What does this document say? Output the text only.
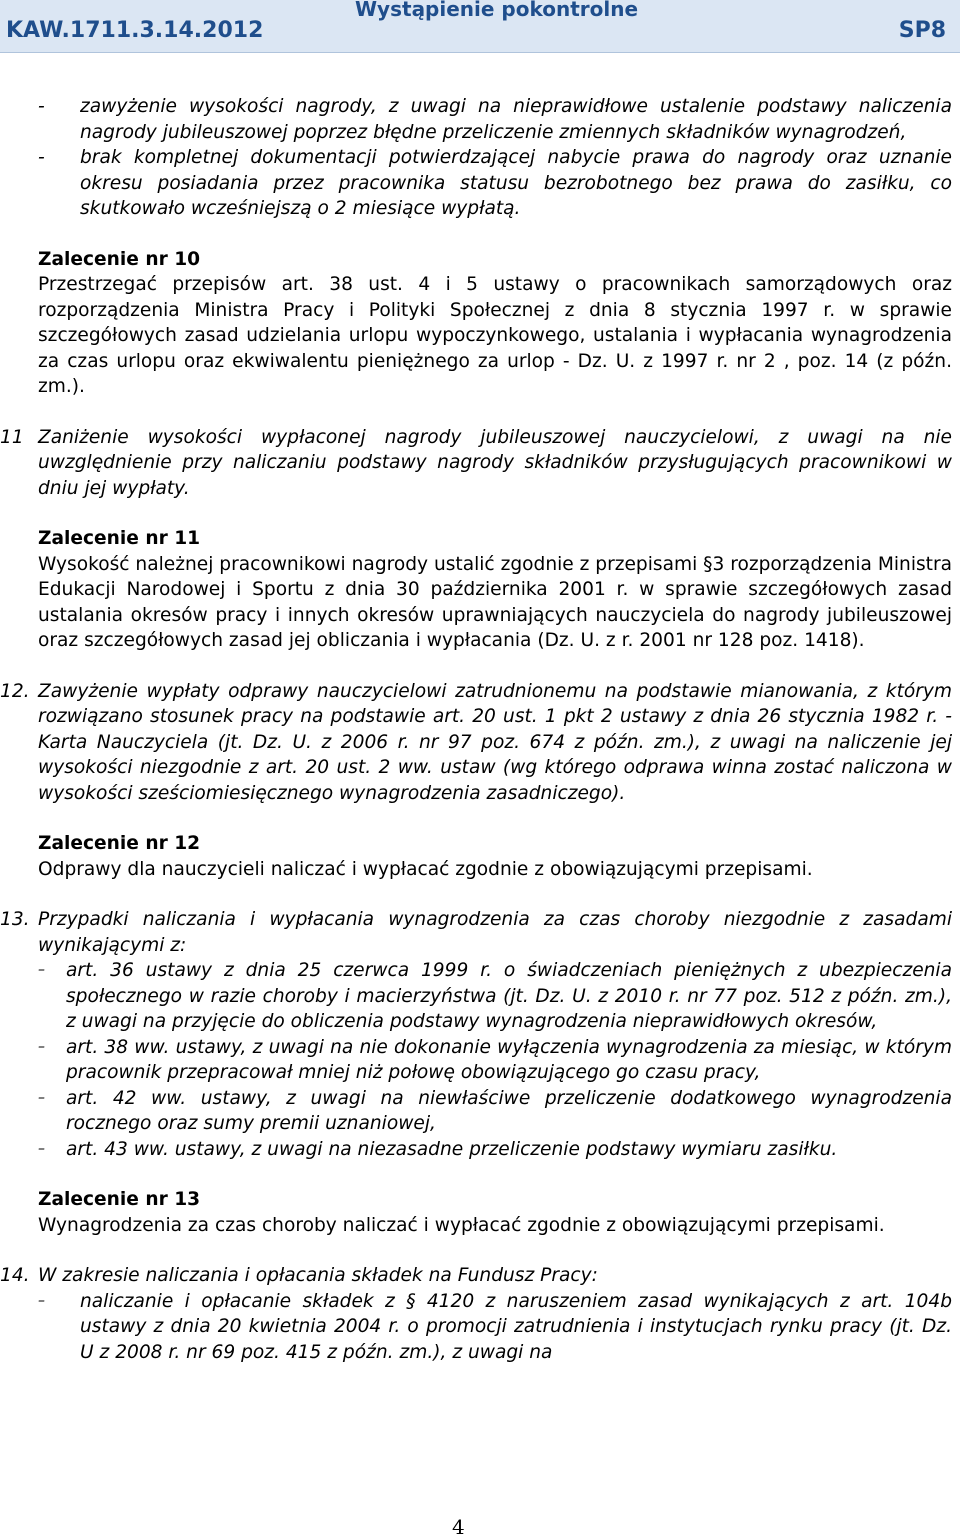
KAW.1711.3.14.2012
Wystąpienie pokontrolne
SP8
- zawyżenie wysokości nagrody, z uwagi na nieprawidłowe ustalenie podstawy naliczenia nagrody jubileuszowej poprzez błędne przeliczenie zmiennych składników wynagrodzeń,

- brak kompletnej dokumentacji potwierdzającej nabycie prawa do nagrody oraz uznanie okresu posiadania przez pracownika statusu bezrobotnego bez prawa do zasiłku, co skutkowało wcześniejszą o 2 miesiące wypłatą.

Zalecenie nr 10

Przestrzegać przepisów art. 38 ust. 4 i 5 ustawy o pracownikach samorządowych oraz rozporządzenia Ministra Pracy i Polityki Społecznej z dnia 8 stycznia 1997 r. w sprawie szczegółowych zasad udzielania urlopu wypoczynkowego, ustalania i wypłacania wynagrodzenia za czas urlopu oraz ekwiwalentu pieniężnego za urlop - Dz. U. z 1997 r. nr 2 , poz. 14 (z późn. zm.).

11 Zaniżenie wysokości wypłaconej nagrody jubileuszowej nauczycielowi, z uwagi na nie uwzględnienie przy naliczaniu podstawy nagrody składników przysługujących pracownikowi w dniu jej wypłaty.

Zalecenie nr 11

Wysokość należnej pracownikowi nagrody ustalić zgodnie z przepisami §3 rozporządzenia Ministra Edukacji Narodowej i Sportu z dnia 30 października 2001 r. w sprawie szczegółowych zasad ustalania okresów pracy i innych okresów uprawniających nauczyciela do nagrody jubileuszowej oraz szczegółowych zasad jej obliczania i wypłacania (Dz. U. z r. 2001 nr 128 poz. 1418).

12. Zawyżenie wypłaty odprawy nauczycielowi zatrudnionemu na podstawie mianowania, z którym rozwiązano stosunek pracy na podstawie art. 20 ust. 1 pkt 2 ustawy z dnia 26 stycznia 1982 r. - Karta Nauczyciela (jt. Dz. U. z 2006 r. nr 97 poz. 674 z późn. zm.), z uwagi na naliczenie jej wysokości niezgodnie z art. 20 ust. 2 ww. ustaw (wg którego odprawa winna zostać naliczona w wysokości sześciomiesięcznego wynagrodzenia zasadniczego).

Zalecenie nr 12

Odprawy dla nauczycieli naliczać i wypłacać zgodnie z obowiązującymi przepisami.

13. Przypadki naliczania i wypłacania wynagrodzenia za czas choroby niezgodnie z zasadami wynikającymi z:

– art. 36 ustawy z dnia 25 czerwca 1999 r. o świadczeniach pieniężnych z ubezpieczenia społecznego w razie choroby i macierzyństwa (jt. Dz. U. z 2010 r. nr 77 poz. 512 z późn. zm.), z uwagi na przyjęcie do obliczenia podstawy wynagrodzenia nieprawidłowych okresów,

– art. 38 ww. ustawy, z uwagi na nie dokonanie wyłączenia wynagrodzenia za miesiąc, w którym pracownik przepracował mniej niż połowę obowiązującego go czasu pracy,

– art. 42 ww. ustawy, z uwagi na niewłaściwe przeliczenie dodatkowego wynagrodzenia rocznego oraz sumy premii uznaniowej,

– art. 43 ww. ustawy, z uwagi na niezasadne przeliczenie podstawy wymiaru zasiłku.

Zalecenie nr 13

Wynagrodzenia za czas choroby naliczać i wypłacać zgodnie z obowiązującymi przepisami.

14. W zakresie naliczania i opłacania składek na Fundusz Pracy:

– naliczanie i opłacanie składek z § 4120 z naruszeniem zasad wynikających z art. 104b ustawy z dnia 20 kwietnia 2004 r. o promocji zatrudnienia i instytucjach rynku pracy (jt. Dz. U z 2008 r. nr 69 poz. 415 z późn. zm.), z uwagi na

4
